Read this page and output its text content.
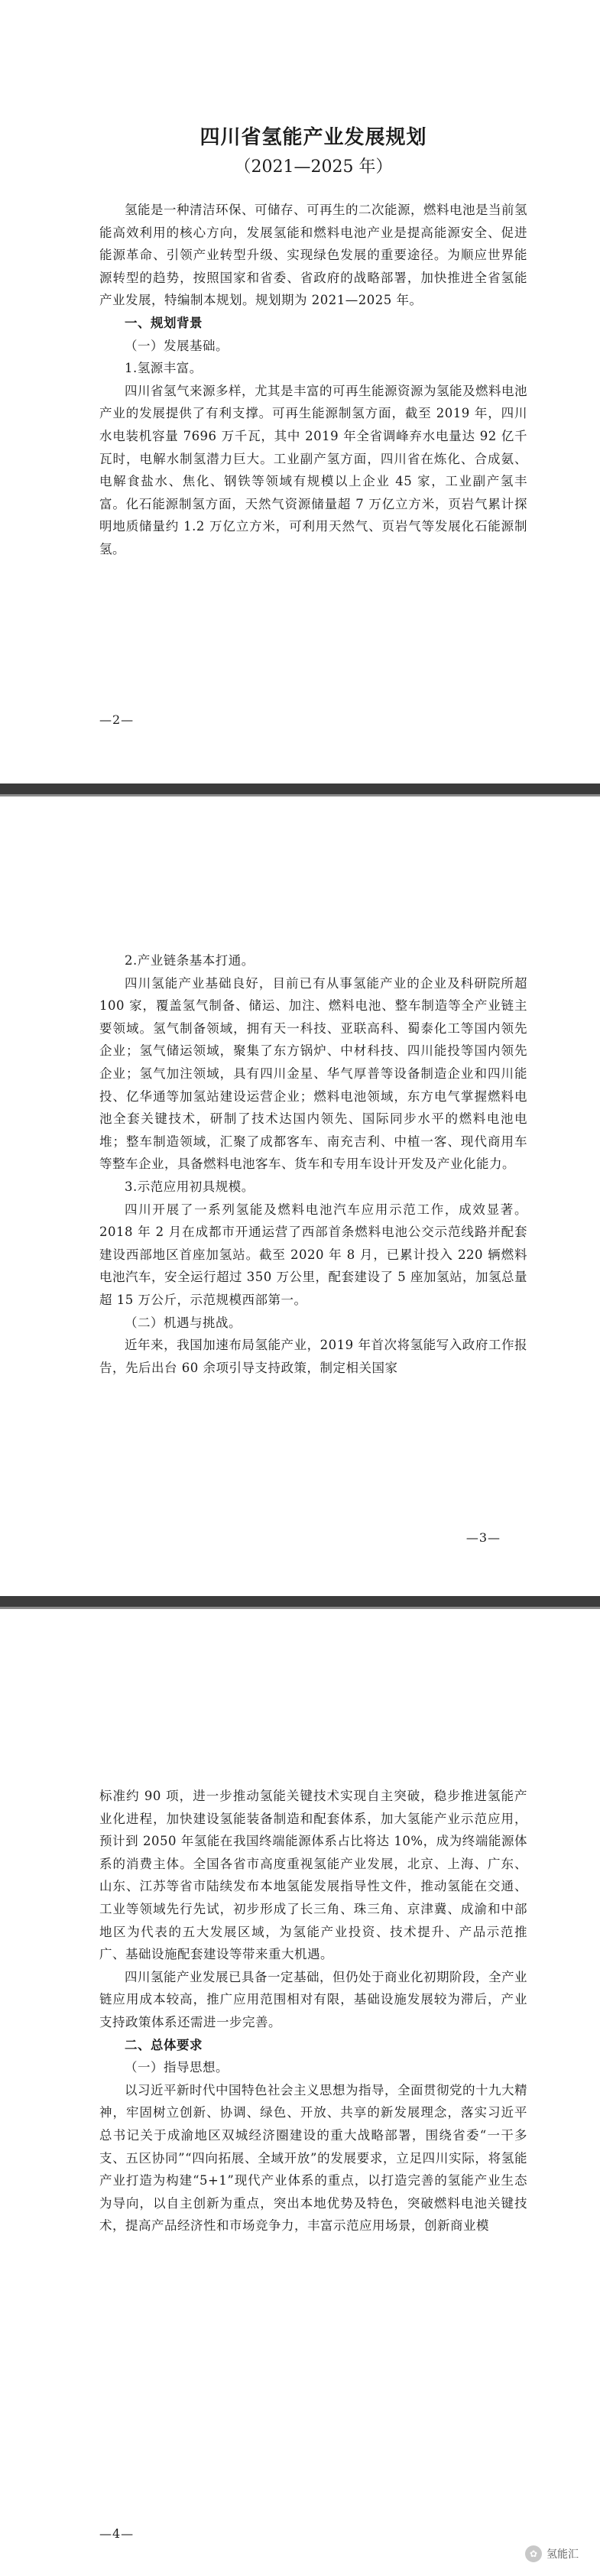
四川省氢能产业发展规划
（2021—2025 年）

氢能是一种清洁环保、可储存、可再生的二次能源，燃料电池是当前氢能高效利用的核心方向，发展氢能和燃料电池产业是提高能源安全、促进能源革命、引领产业转型升级、实现绿色发展的重要途径。为顺应世界能源转型的趋势，按照国家和省委、省政府的战略部署，加快推进全省氢能产业发展，特编制本规划。规划期为 2021—2025 年。

一、规划背景

（一）发展基础。

1.氢源丰富。

四川省氢气来源多样，尤其是丰富的可再生能源资源为氢能及燃料电池产业的发展提供了有利支撑。可再生能源制氢方面，截至 2019 年，四川水电装机容量 7696 万千瓦，其中 2019 年全省调峰弃水电量达 92 亿千瓦时，电解水制氢潜力巨大。工业副产氢方面，四川省在炼化、合成氨、电解食盐水、焦化、钢铁等领域有规模以上企业 45 家，工业副产氢丰富。化石能源制氢方面，天然气资源储量超 7 万亿立方米，页岩气累计探明地质储量约 1.2 万亿立方米，可利用天然气、页岩气等发展化石能源制氢。

—2—

2.产业链条基本打通。

四川氢能产业基础良好，目前已有从事氢能产业的企业及科研院所超 100 家，覆盖氢气制备、储运、加注、燃料电池、整车制造等全产业链主要领域。氢气制备领域，拥有天一科技、亚联高科、蜀泰化工等国内领先企业；氢气储运领域，聚集了东方锅炉、中材科技、四川能投等国内领先企业；氢气加注领域，具有四川金星、华气厚普等设备制造企业和四川能投、亿华通等加氢站建设运营企业；燃料电池领域，东方电气掌握燃料电池全套关键技术，研制了技术达国内领先、国际同步水平的燃料电池电堆；整车制造领域，汇聚了成都客车、南充吉利、中植一客、现代商用车等整车企业，具备燃料电池客车、货车和专用车设计开发及产业化能力。

3.示范应用初具规模。

四川开展了一系列氢能及燃料电池汽车应用示范工作，成效显著。2018 年 2 月在成都市开通运营了西部首条燃料电池公交示范线路并配套建设西部地区首座加氢站。截至 2020 年 8 月，已累计投入 220 辆燃料电池汽车，安全运行超过 350 万公里，配套建设了 5 座加氢站，加氢总量超 15 万公斤，示范规模西部第一。

（二）机遇与挑战。

近年来，我国加速布局氢能产业，2019 年首次将氢能写入政府工作报告，先后出台 60 余项引导支持政策，制定相关国家

—3—

标准约 90 项，进一步推动氢能关键技术实现自主突破，稳步推进氢能产业化进程，加快建设氢能装备制造和配套体系，加大氢能产业示范应用，预计到 2050 年氢能在我国终端能源体系占比将达 10%，成为终端能源体系的消费主体。全国各省市高度重视氢能产业发展，北京、上海、广东、山东、江苏等省市陆续发布本地氢能发展指导性文件，推动氢能在交通、工业等领域先行先试，初步形成了长三角、珠三角、京津冀、成渝和中部地区为代表的五大发展区域，为氢能产业投资、技术提升、产品示范推广、基础设施配套建设等带来重大机遇。

四川氢能产业发展已具备一定基础，但仍处于商业化初期阶段，全产业链应用成本较高，推广应用范围相对有限，基础设施发展较为滞后，产业支持政策体系还需进一步完善。

二、总体要求

（一）指导思想。

以习近平新时代中国特色社会主义思想为指导，全面贯彻党的十九大精神，牢固树立创新、协调、绿色、开放、共享的新发展理念，落实习近平总书记关于成渝地区双城经济圈建设的重大战略部署，围绕省委“一干多支、五区协同”“四向拓展、全域开放”的发展要求，立足四川实际，将氢能产业打造为构建“5+1”现代产业体系的重点，以打造完善的氢能产业生态为导向，以自主创新为重点，突出本地优势及特色，突破燃料电池关键技术，提高产品经济性和市场竞争力，丰富示范应用场景，创新商业模

—4—
✿ 氢能汇
